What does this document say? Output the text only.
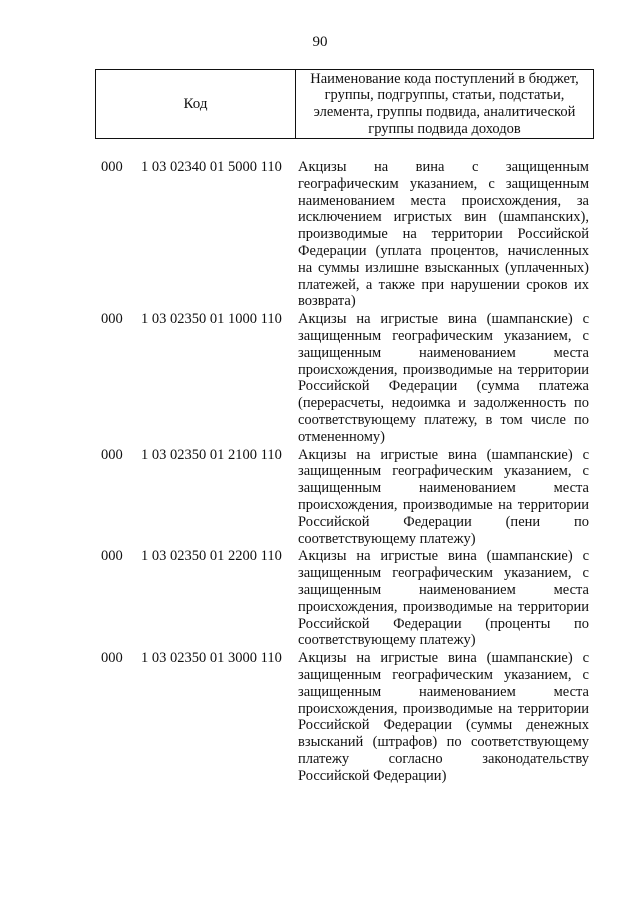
90
Код
Наименование кода поступлений в бюджет, группы, подгруппы, статьи, подстатьи, элемента, группы подвида, аналитической группы подвида доходов
000 1 03 02340 01 5000 110 Акцизы на вина с защищенным географическим указанием, с защищенным наименованием места происхождения, за исключением игристых вин (шампанских), производимые на территории Российской Федерации (уплата процентов, начисленных на суммы излишне взысканных (уплаченных) платежей, а также при нарушении сроков их возврата)
000 1 03 02350 01 1000 110 Акцизы на игристые вина (шампанские) с защищенным географическим указанием, с защищенным наименованием места происхождения, производимые на территории Российской Федерации (сумма платежа (перерасчеты, недоимка и задолженность по соответствующему платежу, в том числе по отмененному)
000 1 03 02350 01 2100 110 Акцизы на игристые вина (шампанские) с защищенным географическим указанием, с защищенным наименованием места происхождения, производимые на территории Российской Федерации (пени по соответствующему платежу)
000 1 03 02350 01 2200 110 Акцизы на игристые вина (шампанские) с защищенным географическим указанием, с защищенным наименованием места происхождения, производимые на территории Российской Федерации (проценты по соответствующему платежу)
000 1 03 02350 01 3000 110 Акцизы на игристые вина (шампанские) с защищенным географическим указанием, с защищенным наименованием места происхождения, производимые на территории Российской Федерации (суммы денежных взысканий (штрафов) по соответствующему платежу согласно законодательству Российской Федерации)
